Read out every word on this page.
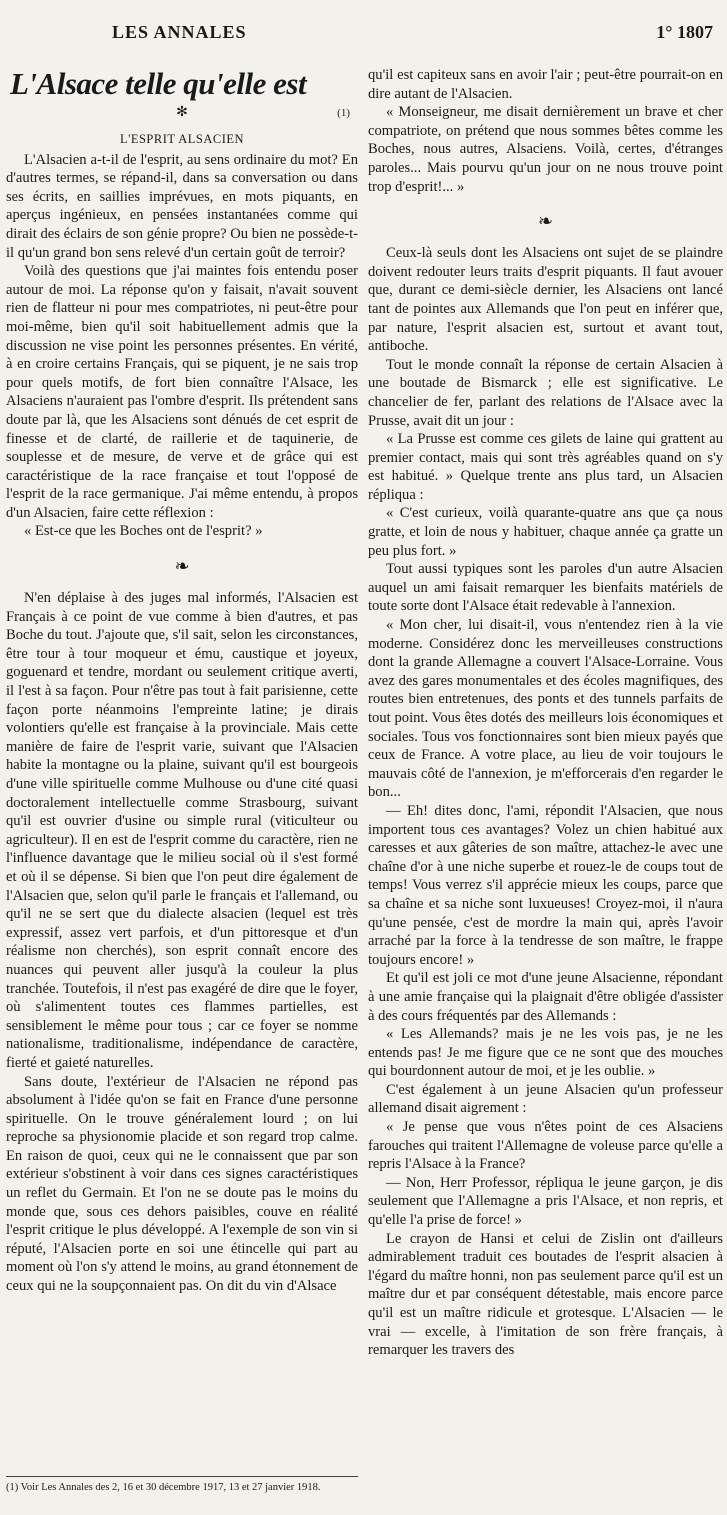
LES ANNALES	1° 1807
L'Alsace telle qu'elle est
✻	(1)
L'ESPRIT ALSACIEN

L'Alsacien a-t-il de l'esprit, au sens ordinaire du mot? En d'autres termes, se répand-il, dans sa conversation ou dans ses écrits, en saillies imprévues, en mots piquants, en aperçus ingénieux, en pensées instantanées comme qui dirait des éclairs de son génie propre? Ou bien ne possède-t-il qu'un grand bon sens relevé d'un certain goût de terroir?

Voilà des questions que j'ai maintes fois entendu poser autour de moi. La réponse qu'on y faisait, n'avait souvent rien de flatteur ni pour mes compatriotes, ni peut-être pour moi-même, bien qu'il soit habituellement admis que la discussion ne vise point les personnes présentes. En vérité, à en croire certains Français, qui se piquent, je ne sais trop pour quels motifs, de fort bien connaître l'Alsace, les Alsaciens n'auraient pas l'ombre d'esprit. Ils prétendent sans doute par là, que les Alsaciens sont dénués de cet esprit de finesse et de clarté, de raillerie et de taquinerie, de souplesse et de mesure, de verve et de grâce qui est caractéristique de la race française et tout l'opposé de l'esprit de la race germanique. J'ai même entendu, à propos d'un Alsacien, faire cette réflexion :

« Est-ce que les Boches ont de l'esprit? »

❧

N'en déplaise à des juges mal informés, l'Alsacien est Français à ce point de vue comme à bien d'autres, et pas Boche du tout. J'ajoute que, s'il sait, selon les circonstances, être tour à tour moqueur et ému, caustique et joyeux, goguenard et tendre, mordant ou seulement critique averti, il l'est à sa façon. Pour n'être pas tout à fait parisienne, cette façon porte néanmoins l'empreinte latine; je dirais volontiers qu'elle est française à la provinciale. Mais cette manière de faire de l'esprit varie, suivant que l'Alsacien habite la montagne ou la plaine, suivant qu'il est bourgeois d'une ville spirituelle comme Mulhouse ou d'une cité quasi doctoralement intellectuelle comme Strasbourg, suivant qu'il est ouvrier d'usine ou simple rural (viticulteur ou agriculteur). Il en est de l'esprit comme du caractère, rien ne l'influence davantage que le milieu social où il s'est formé et où il se dépense. Si bien que l'on peut dire également de l'Alsacien que, selon qu'il parle le français et l'allemand, ou qu'il ne se sert que du dialecte alsacien (lequel est très expressif, assez vert parfois, et d'un pittoresque et d'un réalisme non cherchés), son esprit connaît encore des nuances qui peuvent aller jusqu'à la couleur la plus tranchée. Toutefois, il n'est pas exagéré de dire que le foyer, où s'alimentent toutes ces flammes partielles, est sensiblement le même pour tous ; car ce foyer se nomme nationalisme, traditionalisme, indépendance de caractère, fierté et gaieté naturelles.

Sans doute, l'extérieur de l'Alsacien ne répond pas absolument à l'idée qu'on se fait en France d'une personne spirituelle. On le trouve généralement lourd ; on lui reproche sa physionomie placide et son regard trop calme. En raison de quoi, ceux qui ne le connaissent que par son extérieur s'obstinent à voir dans ces signes caractéristiques un reflet du Germain. Et l'on ne se doute pas le moins du monde que, sous ces dehors paisibles, couve en réalité l'esprit critique le plus développé. A l'exemple de son vin si réputé, l'Alsacien porte en soi une étincelle qui part au moment où l'on s'y attend le moins, au grand étonnement de ceux qui ne la soupçonnaient pas. On dit du vin d'Alsace

qu'il est capiteux sans en avoir l'air ; peut-être pourrait-on en dire autant de l'Alsacien.

« Monseigneur, me disait dernièrement un brave et cher compatriote, on prétend que nous sommes bêtes comme les Boches, nous autres, Alsaciens. Voilà, certes, d'étranges paroles... Mais pourvu qu'un jour on ne nous trouve point trop d'esprit!... »

❧

Ceux-là seuls dont les Alsaciens ont sujet de se plaindre doivent redouter leurs traits d'esprit piquants. Il faut avouer que, durant ce demi-siècle dernier, les Alsaciens ont lancé tant de pointes aux Allemands que l'on peut en inférer que, par nature, l'esprit alsacien est, surtout et avant tout, antiboche.

Tout le monde connaît la réponse de certain Alsacien à une boutade de Bismarck ; elle est significative. Le chancelier de fer, parlant des relations de l'Alsace avec la Prusse, avait dit un jour :

« La Prusse est comme ces gilets de laine qui grattent au premier contact, mais qui sont très agréables quand on s'y est habitué. » Quelque trente ans plus tard, un Alsacien répliqua :

« C'est curieux, voilà quarante-quatre ans que ça nous gratte, et loin de nous y habituer, chaque année ça gratte un peu plus fort. »

Tout aussi typiques sont les paroles d'un autre Alsacien auquel un ami faisait remarquer les bienfaits matériels de toute sorte dont l'Alsace était redevable à l'annexion.

« Mon cher, lui disait-il, vous n'entendez rien à la vie moderne. Considérez donc les merveilleuses constructions dont la grande Allemagne a couvert l'Alsace-Lorraine. Vous avez des gares monumentales et des écoles magnifiques, des routes bien entretenues, des ponts et des tunnels parfaits de tout point. Vous êtes dotés des meilleurs lois économiques et sociales. Tous vos fonctionnaires sont bien mieux payés que ceux de France. A votre place, au lieu de voir toujours le mauvais côté de l'annexion, je m'efforcerais d'en regarder le bon...

— Eh! dites donc, l'ami, répondit l'Alsacien, que nous importent tous ces avantages? Volez un chien habitué aux caresses et aux gâteries de son maître, attachez-le avec une chaîne d'or à une niche superbe et rouez-le de coups tout de temps! Vous verrez s'il apprécie mieux les coups, parce que sa chaîne et sa niche sont luxueuses! Croyez-moi, il n'aura qu'une pensée, c'est de mordre la main qui, après l'avoir arraché par la force à la tendresse de son maître, le frappe toujours encore! »

Et qu'il est joli ce mot d'une jeune Alsacienne, répondant à une amie française qui la plaignait d'être obligée d'assister à des cours fréquentés par des Allemands :

« Les Allemands? mais je ne les vois pas, je ne les entends pas! Je me figure que ce ne sont que des mouches qui bourdonnent autour de moi, et je les oublie. »

C'est également à un jeune Alsacien qu'un professeur allemand disait aigrement :

« Je pense que vous n'êtes point de ces Alsaciens farouches qui traitent l'Allemagne de voleuse parce qu'elle a repris l'Alsace à la France?

— Non, Herr Professor, répliqua le jeune garçon, je dis seulement que l'Allemagne a pris l'Alsace, et non repris, et qu'elle l'a prise de force! »

Le crayon de Hansi et celui de Zislin ont d'ailleurs admirablement traduit ces boutades de l'esprit alsacien à l'égard du maître honni, non pas seulement parce qu'il est un maître dur et par conséquent détestable, mais encore parce qu'il est un maître ridicule et grotesque. L'Alsacien — le vrai — excelle, à l'imitation de son frère français, à remarquer les travers des

(1) Voir Les Annales des 2, 16 et 30 décembre 1917, 13 et 27 janvier 1918.
